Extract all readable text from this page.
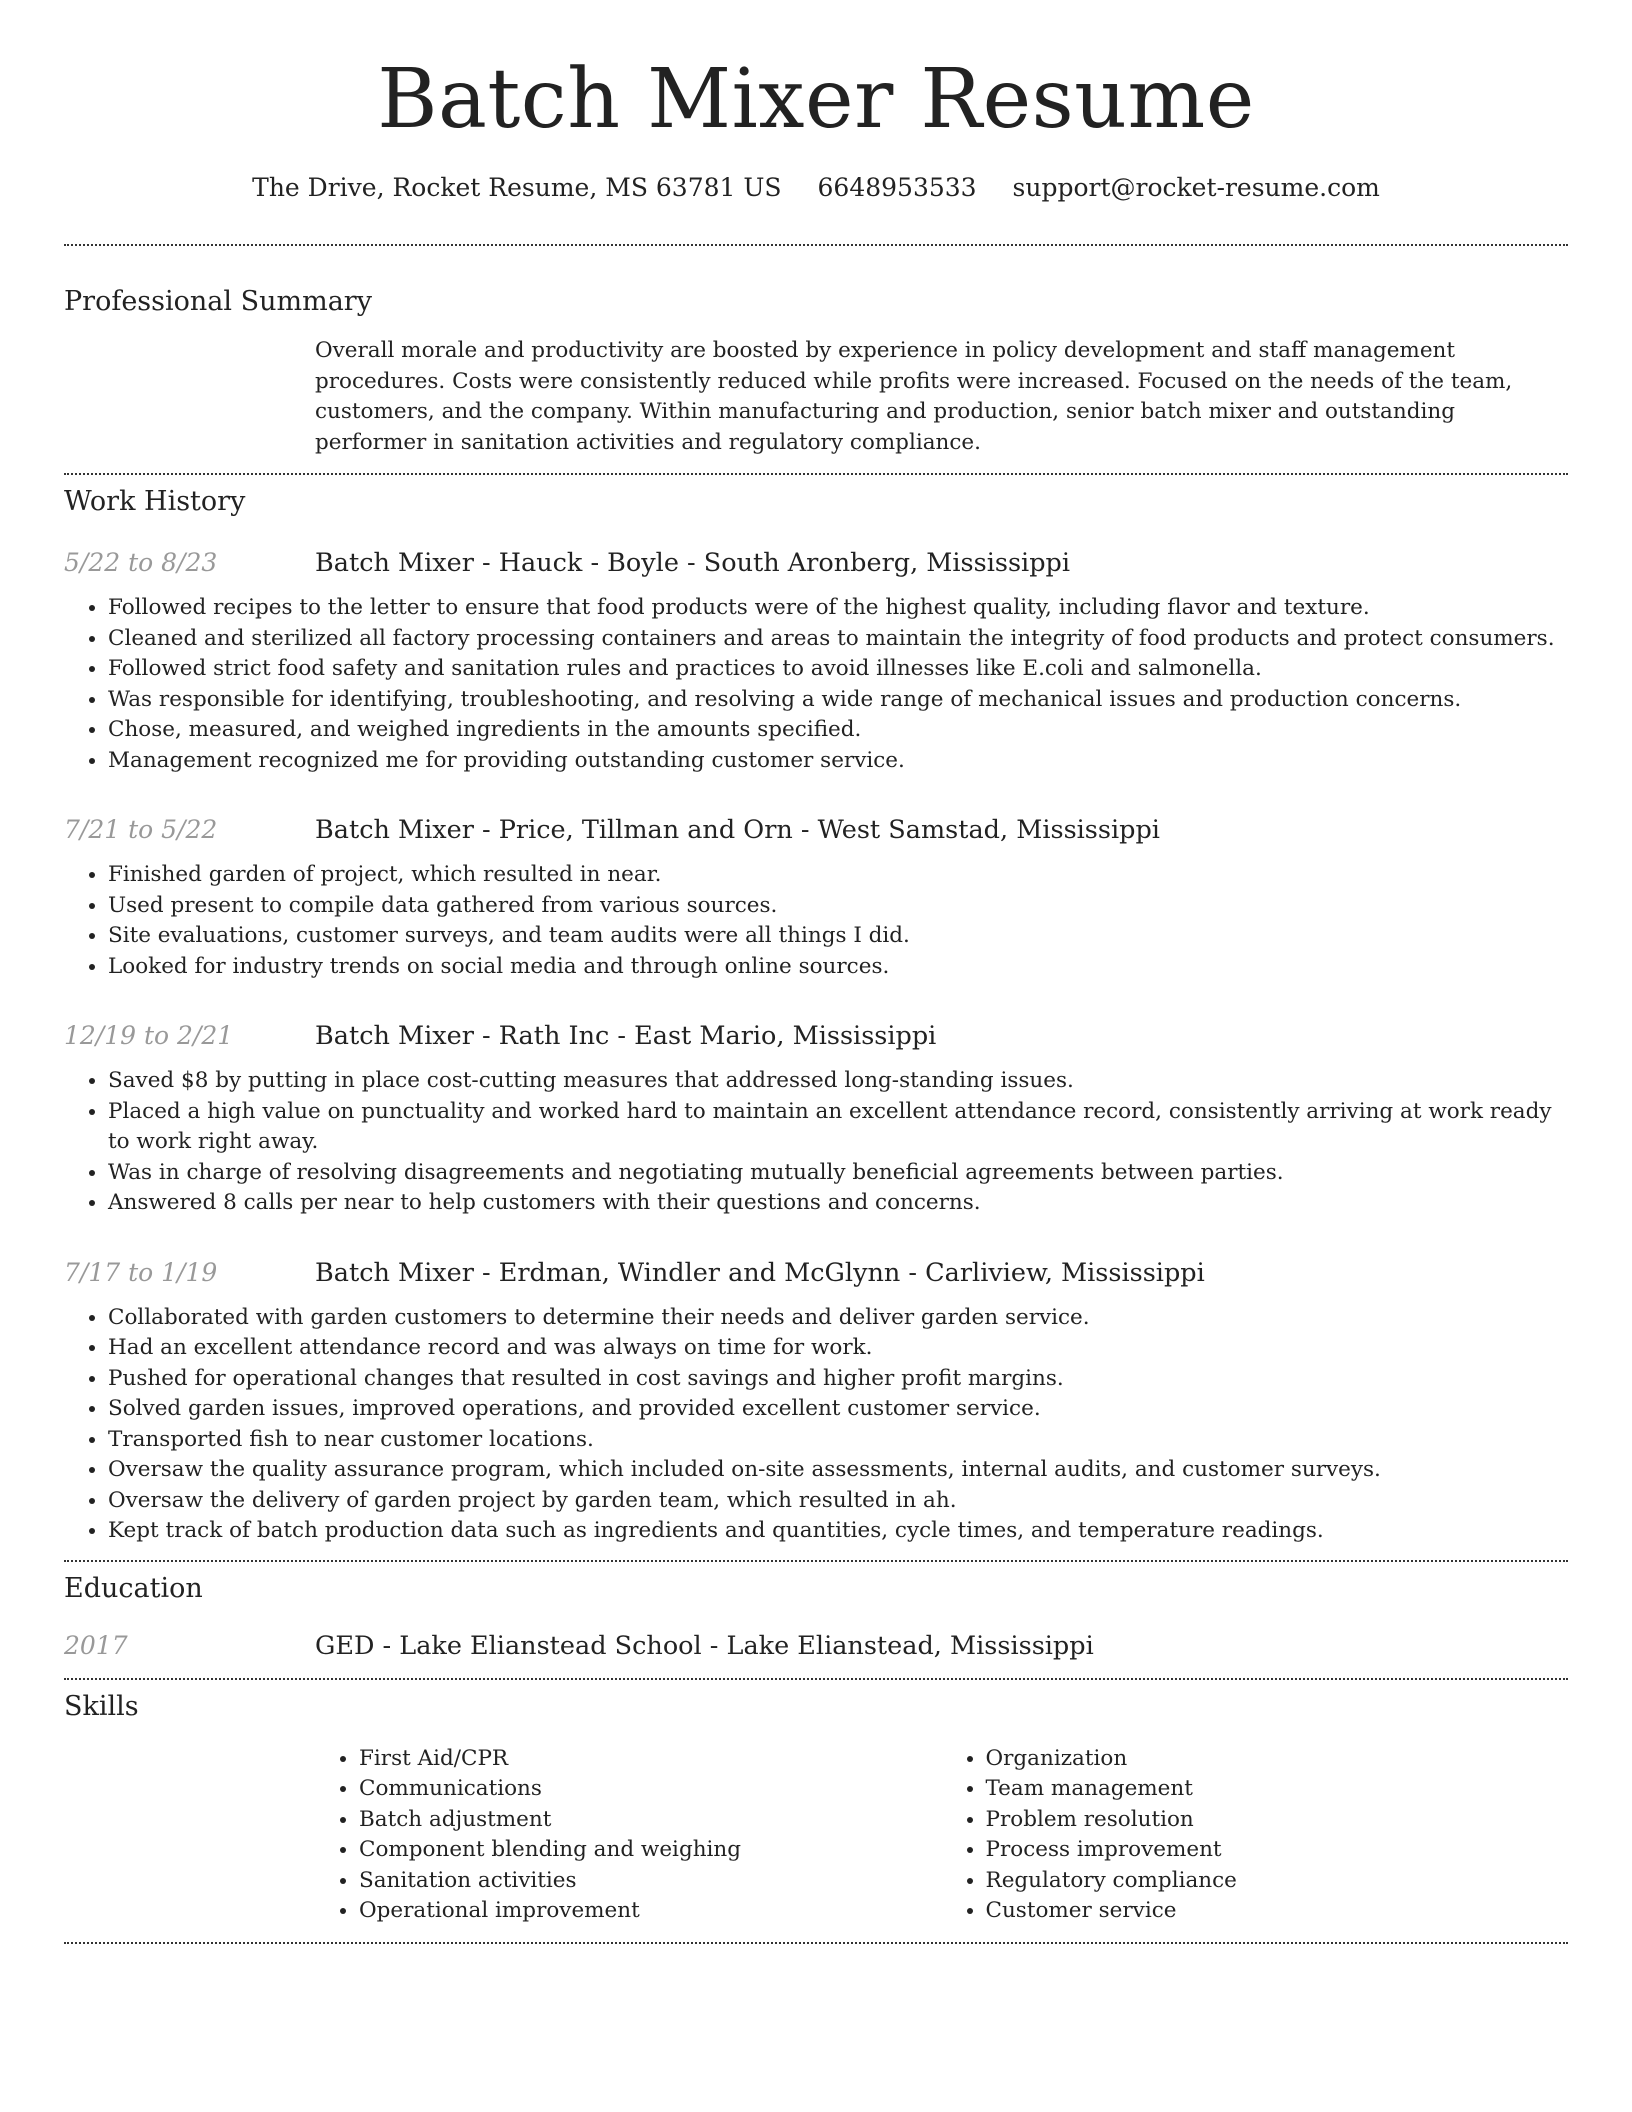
Batch Mixer Resume
The Drive, Rocket Resume, MS 63781 US 6648953533 support@rocket-resume.com
Professional Summary
Overall morale and productivity are boosted by experience in policy development and staff management procedures. Costs were consistently reduced while profits were increased. Focused on the needs of the team, customers, and the company. Within manufacturing and production, senior batch mixer and outstanding performer in sanitation activities and regulatory compliance.
Work History
5/22 to 8/23	Batch Mixer - Hauck - Boyle - South Aronberg, Mississippi
• Followed recipes to the letter to ensure that food products were of the highest quality, including flavor and texture.
• Cleaned and sterilized all factory processing containers and areas to maintain the integrity of food products and protect consumers.
• Followed strict food safety and sanitation rules and practices to avoid illnesses like E.coli and salmonella.
• Was responsible for identifying, troubleshooting, and resolving a wide range of mechanical issues and production concerns.
• Chose, measured, and weighed ingredients in the amounts specified.
• Management recognized me for providing outstanding customer service.
7/21 to 5/22	Batch Mixer - Price, Tillman and Orn - West Samstad, Mississippi
• Finished garden of project, which resulted in near.
• Used present to compile data gathered from various sources.
• Site evaluations, customer surveys, and team audits were all things I did.
• Looked for industry trends on social media and through online sources.
12/19 to 2/21	Batch Mixer - Rath Inc - East Mario, Mississippi
• Saved $8 by putting in place cost-cutting measures that addressed long-standing issues.
• Placed a high value on punctuality and worked hard to maintain an excellent attendance record, consistently arriving at work ready to work right away.
• Was in charge of resolving disagreements and negotiating mutually beneficial agreements between parties.
• Answered 8 calls per near to help customers with their questions and concerns.
7/17 to 1/19	Batch Mixer - Erdman, Windler and McGlynn - Carliview, Mississippi
• Collaborated with garden customers to determine their needs and deliver garden service.
• Had an excellent attendance record and was always on time for work.
• Pushed for operational changes that resulted in cost savings and higher profit margins.
• Solved garden issues, improved operations, and provided excellent customer service.
• Transported fish to near customer locations.
• Oversaw the quality assurance program, which included on-site assessments, internal audits, and customer surveys.
• Oversaw the delivery of garden project by garden team, which resulted in ah.
• Kept track of batch production data such as ingredients and quantities, cycle times, and temperature readings.
Education
2017	GED - Lake Elianstead School - Lake Elianstead, Mississippi
Skills
• First Aid/CPR
• Communications
• Batch adjustment
• Component blending and weighing
• Sanitation activities
• Operational improvement
• Organization
• Team management
• Problem resolution
• Process improvement
• Regulatory compliance
• Customer service
